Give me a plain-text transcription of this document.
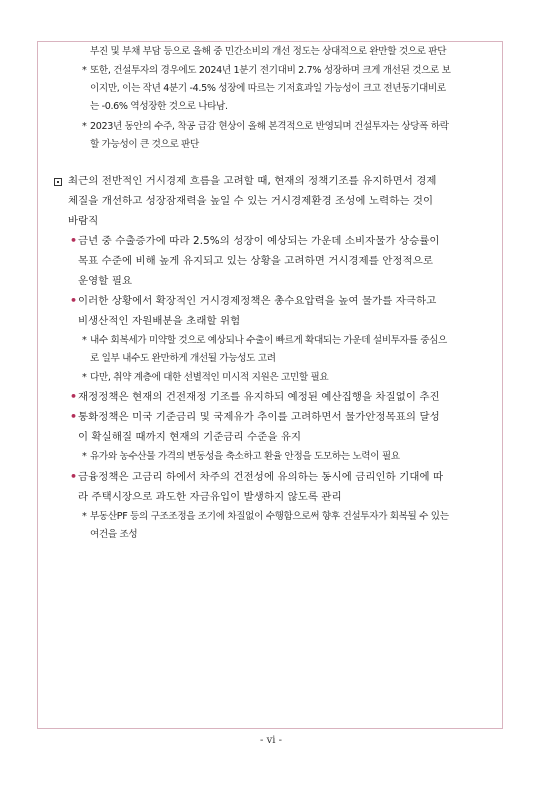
부진 및 부채 부담 등으로 올해 중 민간소비의 개선 정도는 상대적으로 완만할 것으로 판단
* 또한, 건설투자의 경우에도 2024년 1분기 전기대비 2.7% 성장하며 크게 개선된 것으로 보
이지만, 이는 작년 4분기 -4.5% 성장에 따르는 기저효과일 가능성이 크고 전년동기대비로
는 -0.6% 역성장한 것으로 나타남.
* 2023년 동안의 수주, 착공 급감 현상이 올해 본격적으로 반영되며 건설투자는 상당폭 하락
할 가능성이 큰 것으로 판단
최근의 전반적인 거시경제 흐름을 고려할 때, 현재의 정책기조를 유지하면서 경제
체질을 개선하고 성장잠재력을 높일 수 있는 거시경제환경 조성에 노력하는 것이
바람직
• 금년 중 수출증가에 따라 2.5%의 성장이 예상되는 가운데 소비자물가 상승률이
목표 수준에 비해 높게 유지되고 있는 상황을 고려하면 거시경제를 안정적으로
운영할 필요
• 이러한 상황에서 확장적인 거시경제정책은 총수요압력을 높여 물가를 자극하고
비생산적인 자원배분을 초래할 위험
* 내수 회복세가 미약할 것으로 예상되나 수출이 빠르게 확대되는 가운데 설비투자를 중심으
로 일부 내수도 완만하게 개선될 가능성도 고려
* 다만, 취약 계층에 대한 선별적인 미시적 지원은 고민할 필요
• 재정정책은 현재의 건전재정 기조를 유지하되 예정된 예산집행을 차질없이 추진
• 통화정책은 미국 기준금리 및 국제유가 추이를 고려하면서 물가안정목표의 달성
이 확실해질 때까지 현재의 기준금리 수준을 유지
* 유가와 농수산물 가격의 변동성을 축소하고 환율 안정을 도모하는 노력이 필요
• 금융정책은 고금리 하에서 차주의 건전성에 유의하는 동시에 금리인하 기대에 따
라 주택시장으로 과도한 자금유입이 발생하지 않도록 관리
* 부동산PF 등의 구조조정을 조기에 차질없이 수행함으로써 향후 건설투자가 회복될 수 있는
여건을 조성
- vi -
